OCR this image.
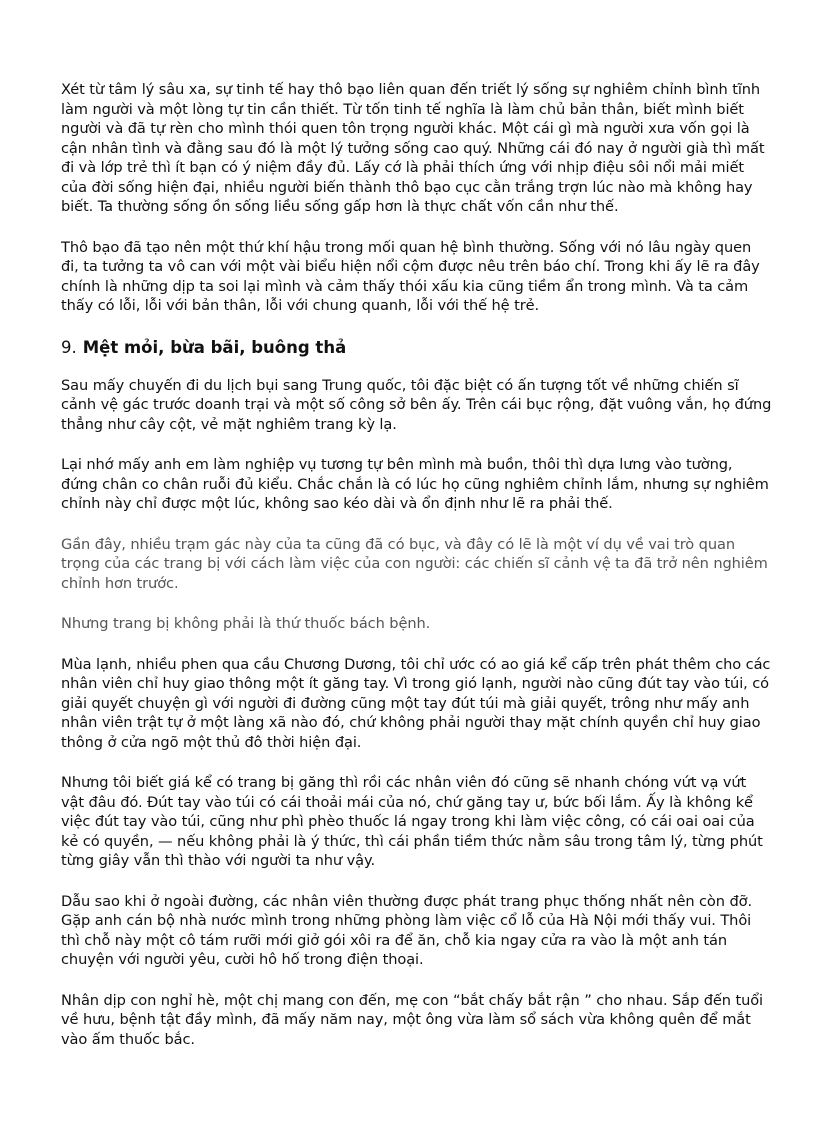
Xét từ tâm lý sâu xa, sự tinh tế hay thô bạo liên quan đến triết lý sống sự nghiêm chỉnh bình tĩnh làm người và một lòng tự tin cần thiết. Từ tốn tinh tế nghĩa là làm chủ bản thân, biết mình biết người và đã tự rèn cho mình thói quen tôn trọng người khác. Một cái gì mà người xưa vốn gọi là cận nhân tình và đằng sau đó là một lý tưởng sống cao quý. Những cái đó nay ở người già thì mất đi và lớp trẻ thì ít bạn có ý niệm đầy đủ. Lấy cớ là phải thích ứng với nhịp điệu sôi nổi mải miết của đời sống hiện đại, nhiều người biến thành thô bạo cục cằn trắng trợn lúc nào mà không hay biết. Ta thường sống ồn sống liều sống gấp hơn là thực chất vốn cần như thế.

Thô bạo đã tạo nên một thứ khí hậu trong mối quan hệ bình thường. Sống với nó lâu ngày quen đi, ta tưởng ta vô can với một vài biểu hiện nổi cộm được nêu trên báo chí. Trong khi ấy lẽ ra đây chính là những dịp ta soi lại mình và cảm thấy thói xấu kia cũng tiềm ẩn trong mình. Và ta cảm thấy có lỗi, lỗi với bản thân, lỗi với chung quanh, lỗi với thế hệ trẻ.

9. Mệt mỏi, bừa bãi, buông thả

Sau mấy chuyến đi du lịch bụi sang Trung quốc, tôi đặc biệt có ấn tượng tốt về những chiến sĩ cảnh vệ gác trước doanh trại và một số công sở bên ấy. Trên cái bục rộng, đặt vuông vắn, họ đứng thẳng như cây cột, vẻ mặt nghiêm trang kỳ lạ.

Lại nhớ mấy anh em làm nghiệp vụ tương tự bên mình mà buồn, thôi thì dựa lưng vào tường, đứng chân co chân ruỗi đủ kiểu. Chắc chắn là có lúc họ cũng nghiêm chỉnh lắm, nhưng sự nghiêm chỉnh này chỉ được một lúc, không sao kéo dài và ổn định như lẽ ra phải thế.

Gần đây, nhiều trạm gác này của ta cũng đã có bục, và đây có lẽ là một ví dụ về vai trò quan trọng của các trang bị với cách làm việc của con người: các chiến sĩ cảnh vệ ta đã trở nên nghiêm chỉnh hơn trước.

Nhưng trang bị không phải là thứ thuốc bách bệnh.

Mùa lạnh, nhiều phen qua cầu Chương Dương, tôi chỉ ước có ao giá kể cấp trên phát thêm cho các nhân viên chỉ huy giao thông một ít găng tay. Vì trong gió lạnh, người nào cũng đút tay vào túi, có giải quyết chuyện gì với người đi đường cũng một tay đút túi mà giải quyết, trông như mấy anh nhân viên trật tự ở một làng xã nào đó, chứ không phải người thay mặt chính quyền chỉ huy giao thông ở cửa ngõ một thủ đô thời hiện đại.

Nhưng tôi biết giá kể có trang bị găng thì rồi các nhân viên đó cũng sẽ nhanh chóng vứt vạ vứt vật đâu đó. Đút tay vào túi có cái thoải mái của nó, chứ găng tay ư, bức bối lắm. Ấy là không kể việc đút tay vào túi, cũng như phì phèo thuốc lá ngay trong khi làm việc công, có cái oai oai của kẻ có quyền, — nếu không phải là ý thức, thì cái phần tiềm thức nằm sâu trong tâm lý, từng phút từng giây vẫn thì thào với người ta như vậy.

Dẫu sao khi ở ngoài đường, các nhân viên thường được phát trang phục thống nhất nên còn đỡ. Gặp anh cán bộ nhà nước mình trong những phòng làm việc cổ lỗ của Hà Nội mới thấy vui. Thôi thì chỗ này một cô tám rưỡi mới giở gói xôi ra để ăn, chỗ kia ngay cửa ra vào là một anh tán chuyện với người yêu, cười hô hố trong điện thoại.

Nhân dịp con nghỉ hè, một chị mang con đến, mẹ con “bắt chấy bắt rận ” cho nhau. Sắp đến tuổi về hưu, bệnh tật đầy mình, đã mấy năm nay, một ông vừa làm sổ sách vừa không quên để mắt vào ấm thuốc bắc.
